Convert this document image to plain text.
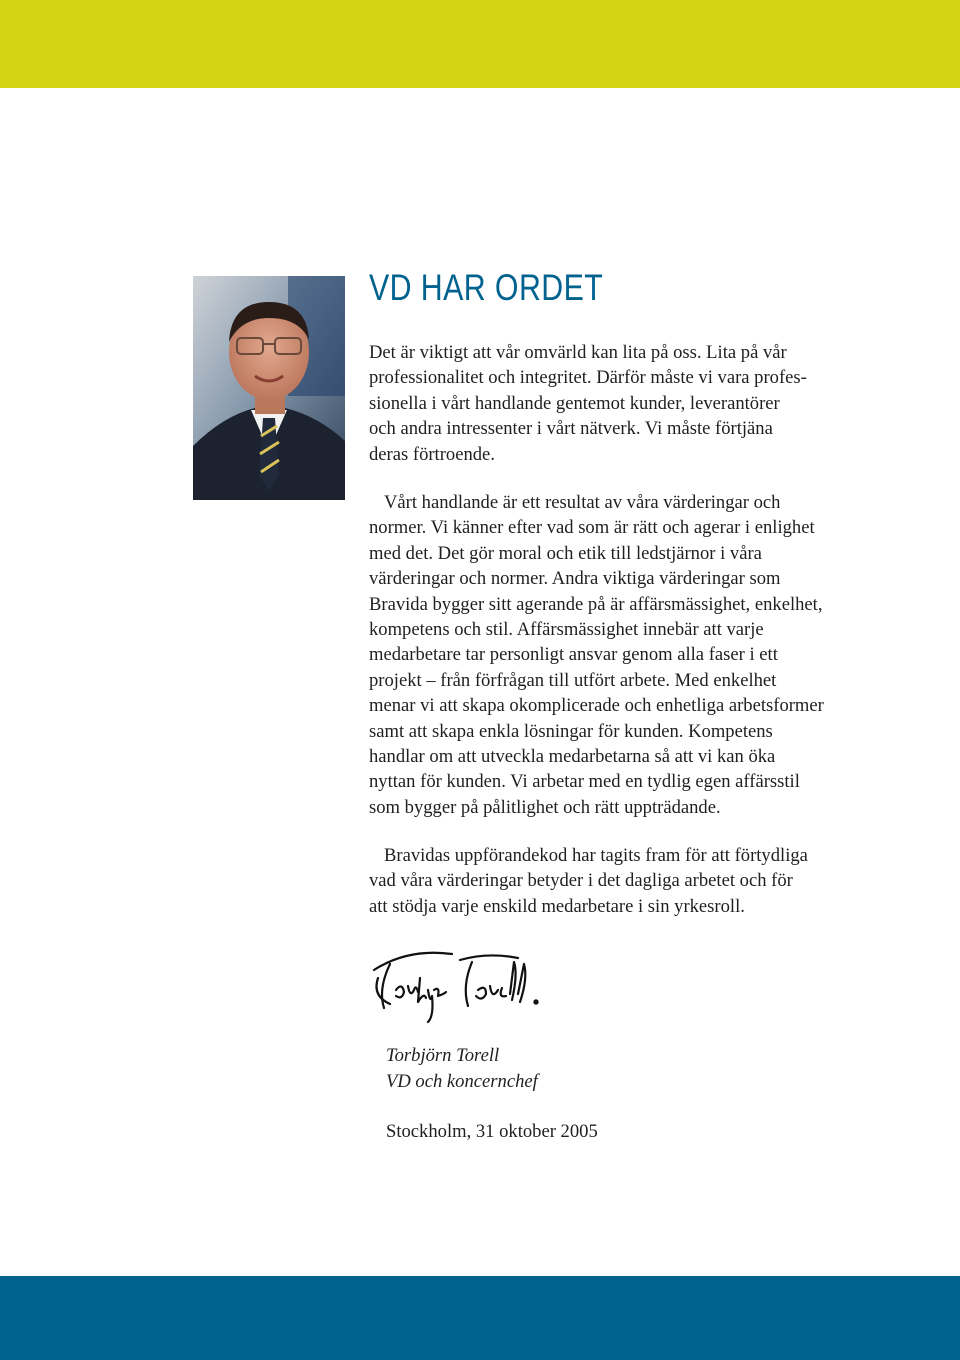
VD HAR ORDET

Det är viktigt att vår omvärld kan lita på oss. Lita på vår
professionalitet och integritet. Därför måste vi vara profes-
sionella i vårt handlande gentemot kunder, leverantörer
och andra intressenter i vårt nätverk. Vi måste förtjäna
deras förtroende.

Vårt handlande är ett resultat av våra värderingar och
normer. Vi känner efter vad som är rätt och agerar i enlighet
med det. Det gör moral och etik till ledstjärnor i våra
värderingar och normer. Andra viktiga värderingar som
Bravida bygger sitt agerande på är affärsmässighet, enkelhet,
kompetens och stil. Affärsmässighet innebär att varje
medarbetare tar personligt ansvar genom alla faser i ett
projekt – från förfrågan till utfört arbete. Med enkelhet
menar vi att skapa okomplicerade och enhetliga arbetsformer
samt att skapa enkla lösningar för kunden. Kompetens
handlar om att utveckla medarbetarna så att vi kan öka
nyttan för kunden. Vi arbetar med en tydlig egen affärsstil
som bygger på pålitlighet och rätt uppträdande.

Bravidas uppförandekod har tagits fram för att förtydliga
vad våra värderingar betyder i det dagliga arbetet och för
att stödja varje enskild medarbetare i sin yrkesroll.

Torbjörn Torell
VD och koncernchef
Stockholm, 31 oktober 2005
